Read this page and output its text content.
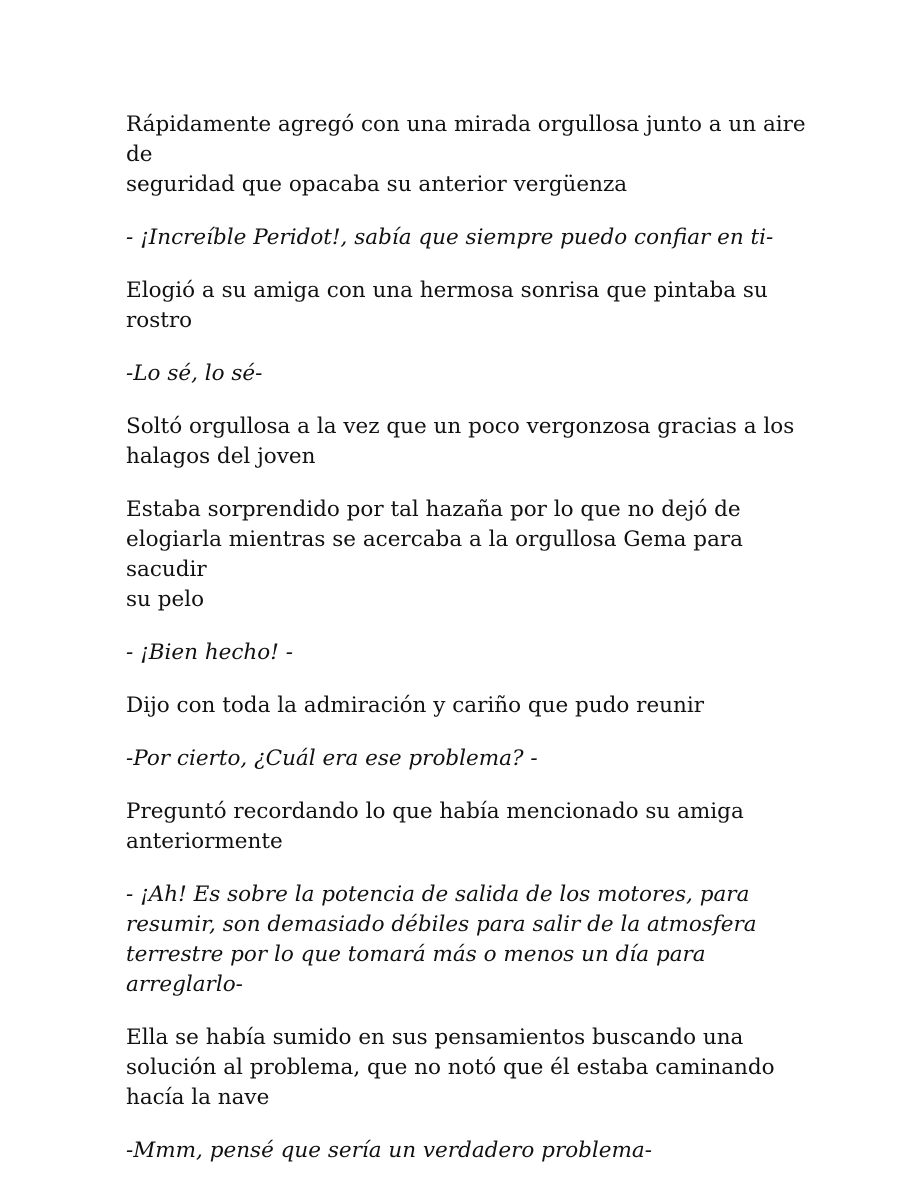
Rápidamente agregó con una mirada orgullosa junto a un aire de
seguridad que opacaba su anterior vergüenza

- ¡Increíble Peridot!, sabía que siempre puedo confiar en ti-

Elogió a su amiga con una hermosa sonrisa que pintaba su
rostro

-Lo sé, lo sé-

Soltó orgullosa a la vez que un poco vergonzosa gracias a los
halagos del joven

Estaba sorprendido por tal hazaña por lo que no dejó de
elogiarla mientras se acercaba a la orgullosa Gema para sacudir
su pelo

- ¡Bien hecho! -

Dijo con toda la admiración y cariño que pudo reunir

-Por cierto, ¿Cuál era ese problema? -

Preguntó recordando lo que había mencionado su amiga
anteriormente

- ¡Ah! Es sobre la potencia de salida de los motores, para
resumir, son demasiado débiles para salir de la atmosfera
terrestre por lo que tomará más o menos un día para arreglarlo-

Ella se había sumido en sus pensamientos buscando una
solución al problema, que no notó que él estaba caminando
hacía la nave

-Mmm, pensé que sería un verdadero problema-
